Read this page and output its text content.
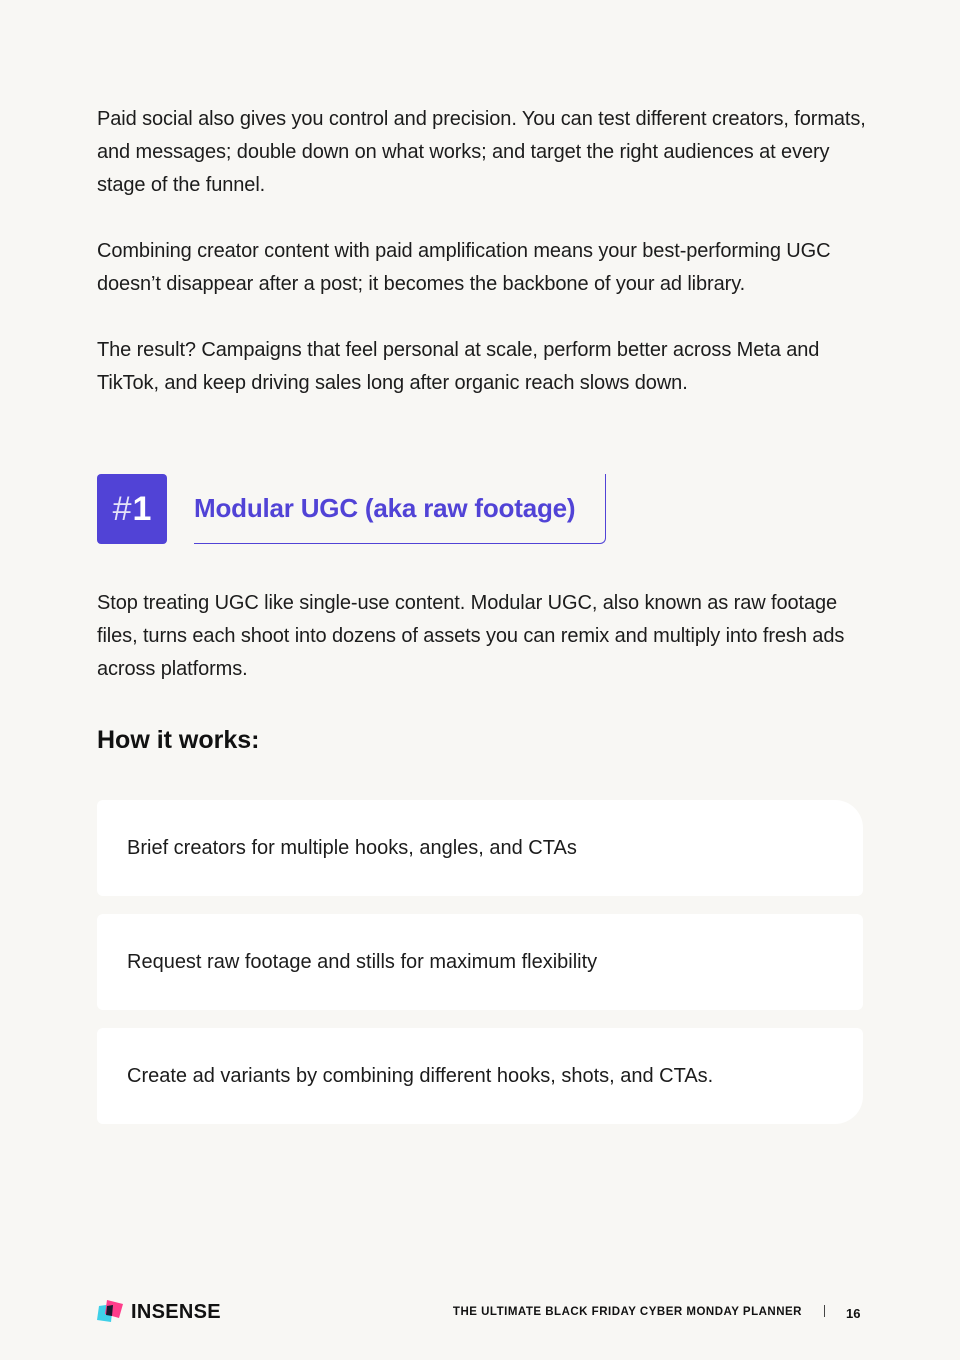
Paid social also gives you control and precision. You can test different creators, formats, and messages; double down on what works; and target the right audiences at every stage of the funnel.

Combining creator content with paid amplification means your best-performing UGC doesn’t disappear after a post; it becomes the backbone of your ad library.

The result? Campaigns that feel personal at scale, perform better across Meta and TikTok, and keep driving sales long after organic reach slows down.

# 1 Modular UGC (aka raw footage)

Stop treating UGC like single-use content. Modular UGC, also known as raw footage files, turns each shoot into dozens of assets you can remix and multiply into fresh ads across platforms.

How it works:
Brief creators for multiple hooks, angles, and CTAs
Request raw footage and stills for maximum flexibility
Create ad variants by combining different hooks, shots, and CTAs.
INSENSE	THE ULTIMATE BLACK FRIDAY CYBER MONDAY PLANNER	16
